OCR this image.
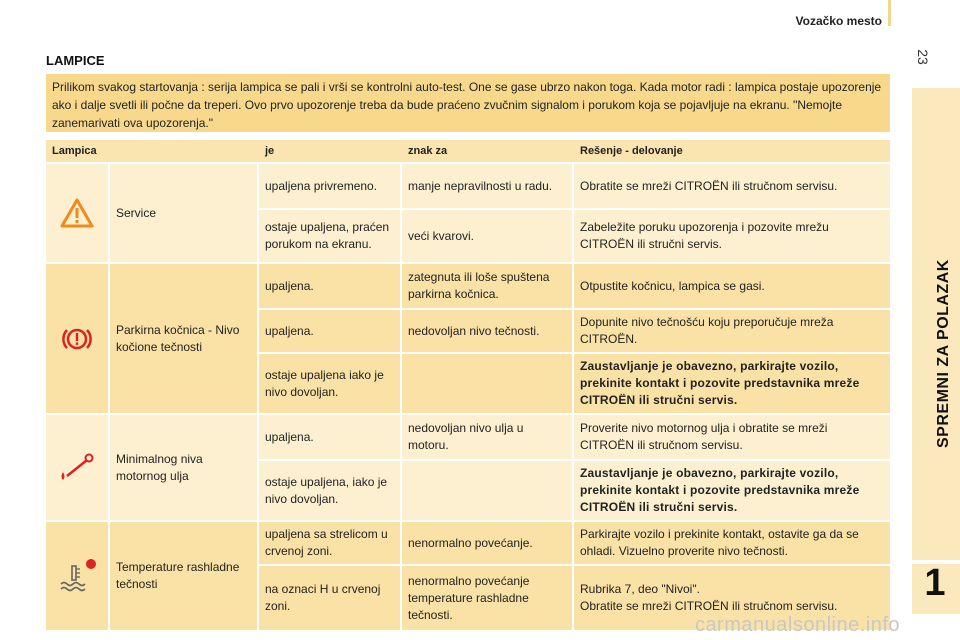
Vozačko mesto
23
SPREMNI ZA POLAZAK
1
LAMPICE
Prilikom svakog startovanja : serija lampica se pali i vrši se kontrolni auto-test. One se gase ubrzo nakon toga. Kada motor radi : lampica postaje upozorenje ako i dalje svetli ili počne da treperi. Ovo prvo upozorenje treba da bude praćeno zvučnim signalom i porukom koja se pojavljuje na ekranu. "Nemojte zanemarivati ova upozorenja."
Lampica		je	znak za	Rešenje - delovanje
	Service	upaljena privremeno.	manje nepravilnosti u radu.	Obratite se mreži CITROËN ili stručnom servisu.
		ostaje upaljena, praćen porukom na ekranu.	veći kvarovi.	Zabeležite poruku upozorenja i pozovite mrežu CITROËN ili stručni servis.
	Parkirna kočnica - Nivo kočione tečnosti	upaljena.	zategnuta ili loše spuštena parkirna kočnica.	Otpustite kočnicu, lampica se gasi.
		upaljena.	nedovoljan nivo tečnosti.	Dopunite nivo tečnošću koju preporučuje mreža CITROËN.
		ostaje upaljena iako je nivo dovoljan.		Zaustavljanje je obavezno, parkirajte vozilo, prekinite kontakt i pozovite predstavnika mreže CITROËN ili stručni servis.
	Minimalnog niva motornog ulja	upaljena.	nedovoljan nivo ulja u motoru.	Proverite nivo motornog ulja i obratite se mreži CITROËN ili stručnom servisu.
		ostaje upaljena, iako je nivo dovoljan.		Zaustavljanje je obavezno, parkirajte vozilo, prekinite kontakt i pozovite predstavnika mreže CITROËN ili stručni servis.
	Temperature rashladne tečnosti	upaljena sa strelicom u crvenoj zoni.	nenormalno povećanje.	Parkirajte vozilo i prekinite kontakt, ostavite ga da se ohladi. Vizuelno proverite nivo tečnosti.
		na oznaci H u crvenoj zoni.	nenormalno povećanje temperature rashladne tečnosti.	Rubrika 7, deo "Nivoi".
Obratite se mreži CITROËN ili stručnom servisu.
carmanualsonline.info
